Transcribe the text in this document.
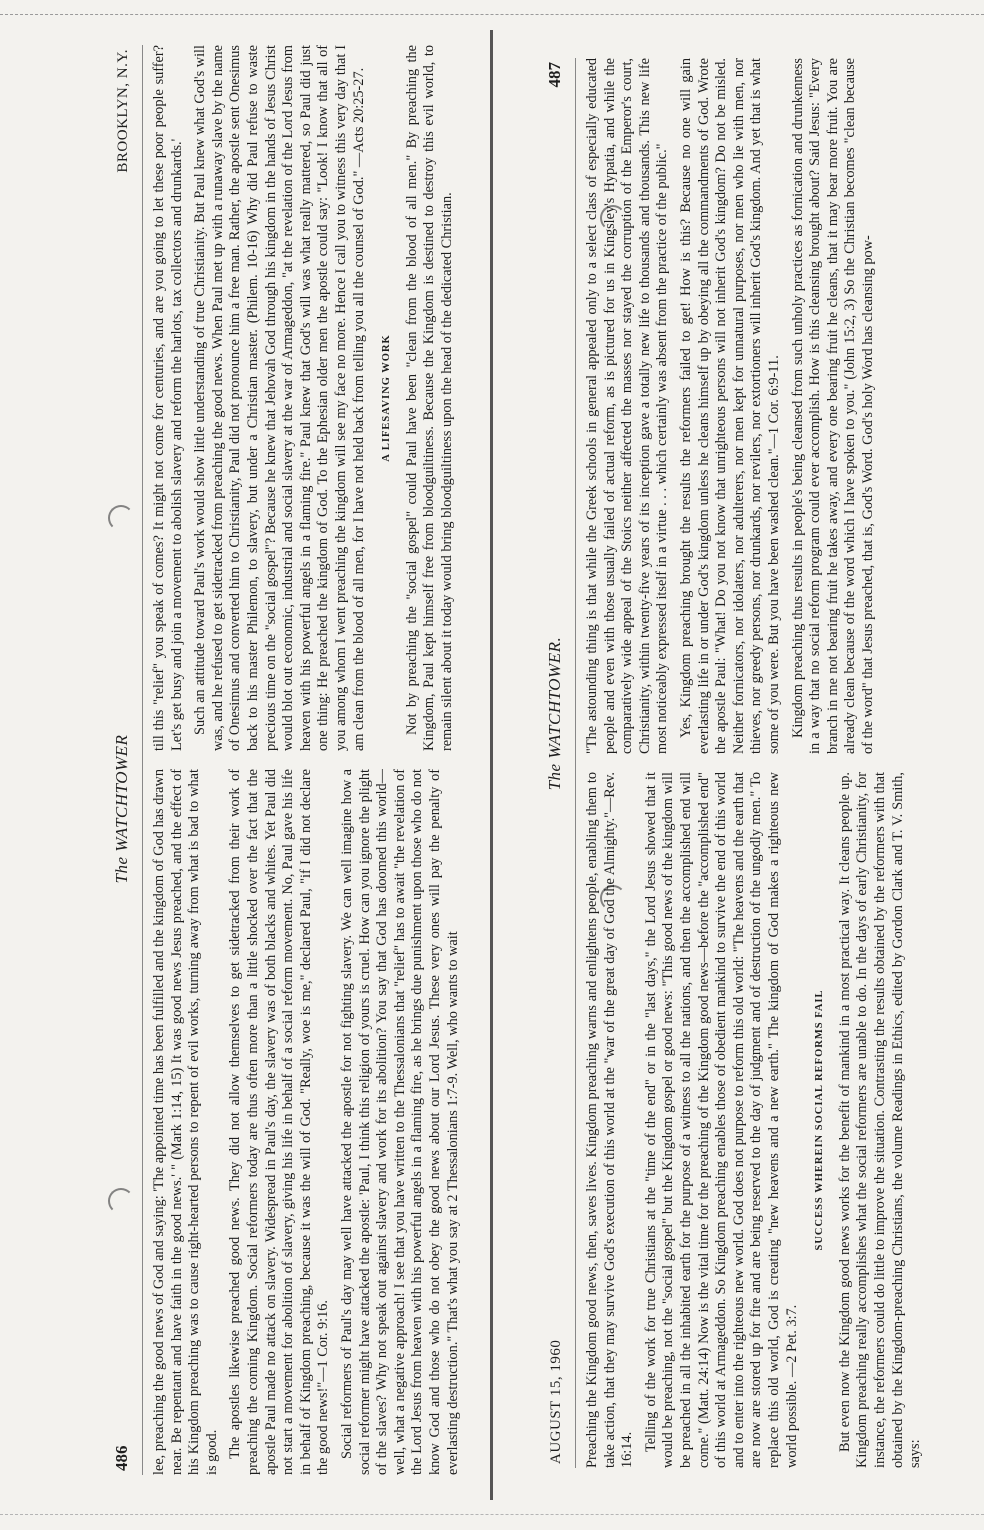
486
The WATCHTOWER
BROOKLYN, N.Y.

lee, preaching the good news of God and saying: 'The appointed time has been fulfilled and the kingdom of God has drawn near. Be repentant and have faith in the good news.' " (Mark 1:14, 15) It was good news Jesus preached, and the effect of his Kingdom preaching was to cause right-hearted persons to repent of evil works, turning away from what is bad to what is good. The apostles likewise preached good news. They did not allow themselves to get sidetracked from their work of preaching the coming Kingdom. Social reformers today are thus often more than a little shocked over the fact that the apostle Paul made no attack on slavery. Widespread in Paul's day, the slavery was of both blacks and whites. Yet Paul did not start a movement for abolition of slavery, giving his life in behalf of a social reform movement. No, Paul gave his life in behalf of Kingdom preaching, because it was the will of God. "Really, woe is me," declared Paul, "if I did not declare the good news!"—1 Cor. 9:16. Social reformers of Paul's day may well have attacked the apostle for not fighting slavery. We can well imagine how a social reformer might have attacked the apostle: 'Paul, I think this religion of yours is cruel. How can you ignore the plight of the slaves? Why not speak out against slavery and work for its abolition? You say that God has doomed this world—well, what a negative approach! I see that you have written to the Thessalonians that "relief" has to await "the revelation of the Lord Jesus from heaven with his powerful angels in a flaming fire, as he brings due punishment upon those who do not know God and those who do not obey the good news about our Lord Jesus. These very ones will pay the penalty of everlasting destruction." That's what you say at 2 Thessalonians 1:7-9. Well, who wants to wait

till this "relief" you speak of comes? It might not come for centuries, and are you going to let these poor people suffer? Let's get busy and join a movement to abolish slavery and reform the harlots, tax collectors and drunkards.' Such an attitude toward Paul's work would show little understanding of true Christianity. But Paul knew what God's will was, and he refused to get sidetracked from preaching the good news. When Paul met up with a runaway slave by the name of Onesimus and converted him to Christianity, Paul did not pronounce him a free man. Rather, the apostle sent Onesimus back to his master Philemon, to slavery, but under a Christian master. (Philem. 10-16) Why did Paul refuse to waste precious time on the "social gospel"? Because he knew that Jehovah God through his kingdom in the hands of Jesus Christ would blot out economic, industrial and social slavery at the war of Armageddon, "at the revelation of the Lord Jesus from heaven with his powerful angels in a flaming fire." Paul knew that God's will was what really mattered, so Paul did just one thing: He preached the kingdom of God. To the Ephesian older men the apostle could say: "Look! I know that all of you among whom I went preaching the kingdom will see my face no more. Hence I call you to witness this very day that I am clean from the blood of all men, for I have not held back from telling you all the counsel of God." —Acts 20:25-27. A LIFESAVING WORK Not by preaching the "social gospel" could Paul have been "clean from the blood of all men." By preaching the Kingdom, Paul kept himself free from bloodguiltiness. Because the Kingdom is destined to destroy this evil world, to remain silent about it today would bring bloodguiltiness upon the head of the dedicated Christian.

AUGUST 15, 1960
The WATCHTOWER.
487

Preaching the Kingdom good news, then, saves lives. Kingdom preaching warns and enlightens people, enabling them to take action, that they may survive God's execution of this world at the "war of the great day of God the Almighty."—Rev. 16:14. Telling of the work for true Christians at the "time of the end" or in the "last days," the Lord Jesus showed that it would be preaching, not the "social gospel" but the Kingdom gospel or good news: "This good news of the kingdom will be preached in all the inhabited earth for the purpose of a witness to all the nations, and then the accomplished end will come." (Matt. 24:14) Now is the vital time for the preaching of the Kingdom good news—before the "accomplished end" of this world at Armageddon. So Kingdom preaching enables those of obedient mankind to survive the end of this world and to enter into the righteous new world. God does not purpose to reform this old world: "The heavens and the earth that are now are stored up for fire and are being reserved to the day of judgment and of destruction of the ungodly men." To replace this old world, God is creating "new heavens and a new earth." The kingdom of God makes a righteous new world possible. —2 Pet. 3:7.

SUCCESS WHEREIN SOCIAL REFORMS FAIL But even now the Kingdom good news works for the benefit of mankind in a most practical way. It cleans people up. Kingdom preaching really accomplishes what the social reformers are unable to do. In the days of early Christianity, for instance, the reformers could do little to improve the situation. Contrasting the results obtained by the reformers with that obtained by the Kingdom-preaching Christians, the volume Readings in Ethics, edited by Gordon Clark and T. V. Smith, says:

"The astounding thing is that while the Greek schools in general appealed only to a select class of especially educated people and even with those usually failed of actual reform, as is pictured for us in Kingsley's Hypatia, and while the comparatively wide appeal of the Stoics neither affected the masses nor stayed the corruption of the Emperor's court, Christianity, within twenty-five years of its inception gave a totally new life to thousands and thousands. This new life most noticeably expressed itself in a virtue . . . which certainly was absent from the practice of the public." Yes, Kingdom preaching brought the results the reformers failed to get! How is this? Because no one will gain everlasting life in or under God's kingdom unless he cleans himself up by obeying all the commandments of God. Wrote the apostle Paul: "What! Do you not know that unrighteous persons will not inherit God's kingdom? Do not be misled. Neither fornicators, nor idolaters, nor adulterers, nor men kept for unnatural purposes, nor men who lie with men, nor thieves, nor greedy persons, nor drunkards, nor revilers, nor extortioners will inherit God's kingdom. And yet that is what some of you were. But you have been washed clean."—1 Cor. 6:9-11. Kingdom preaching thus results in people's being cleansed from such unholy practices as fornication and drunkenness in a way that no social reform program could ever accomplish. How is this cleansing brought about? Said Jesus: "Every branch in me not bearing fruit he takes away, and every one bearing fruit he cleans, that it may bear more fruit. You are already clean because of the word which I have spoken to you." (John 15:2, 3) So the Christian becomes "clean because of the word" that Jesus preached, that is, God's Word. God's holy Word has cleansing pow-
